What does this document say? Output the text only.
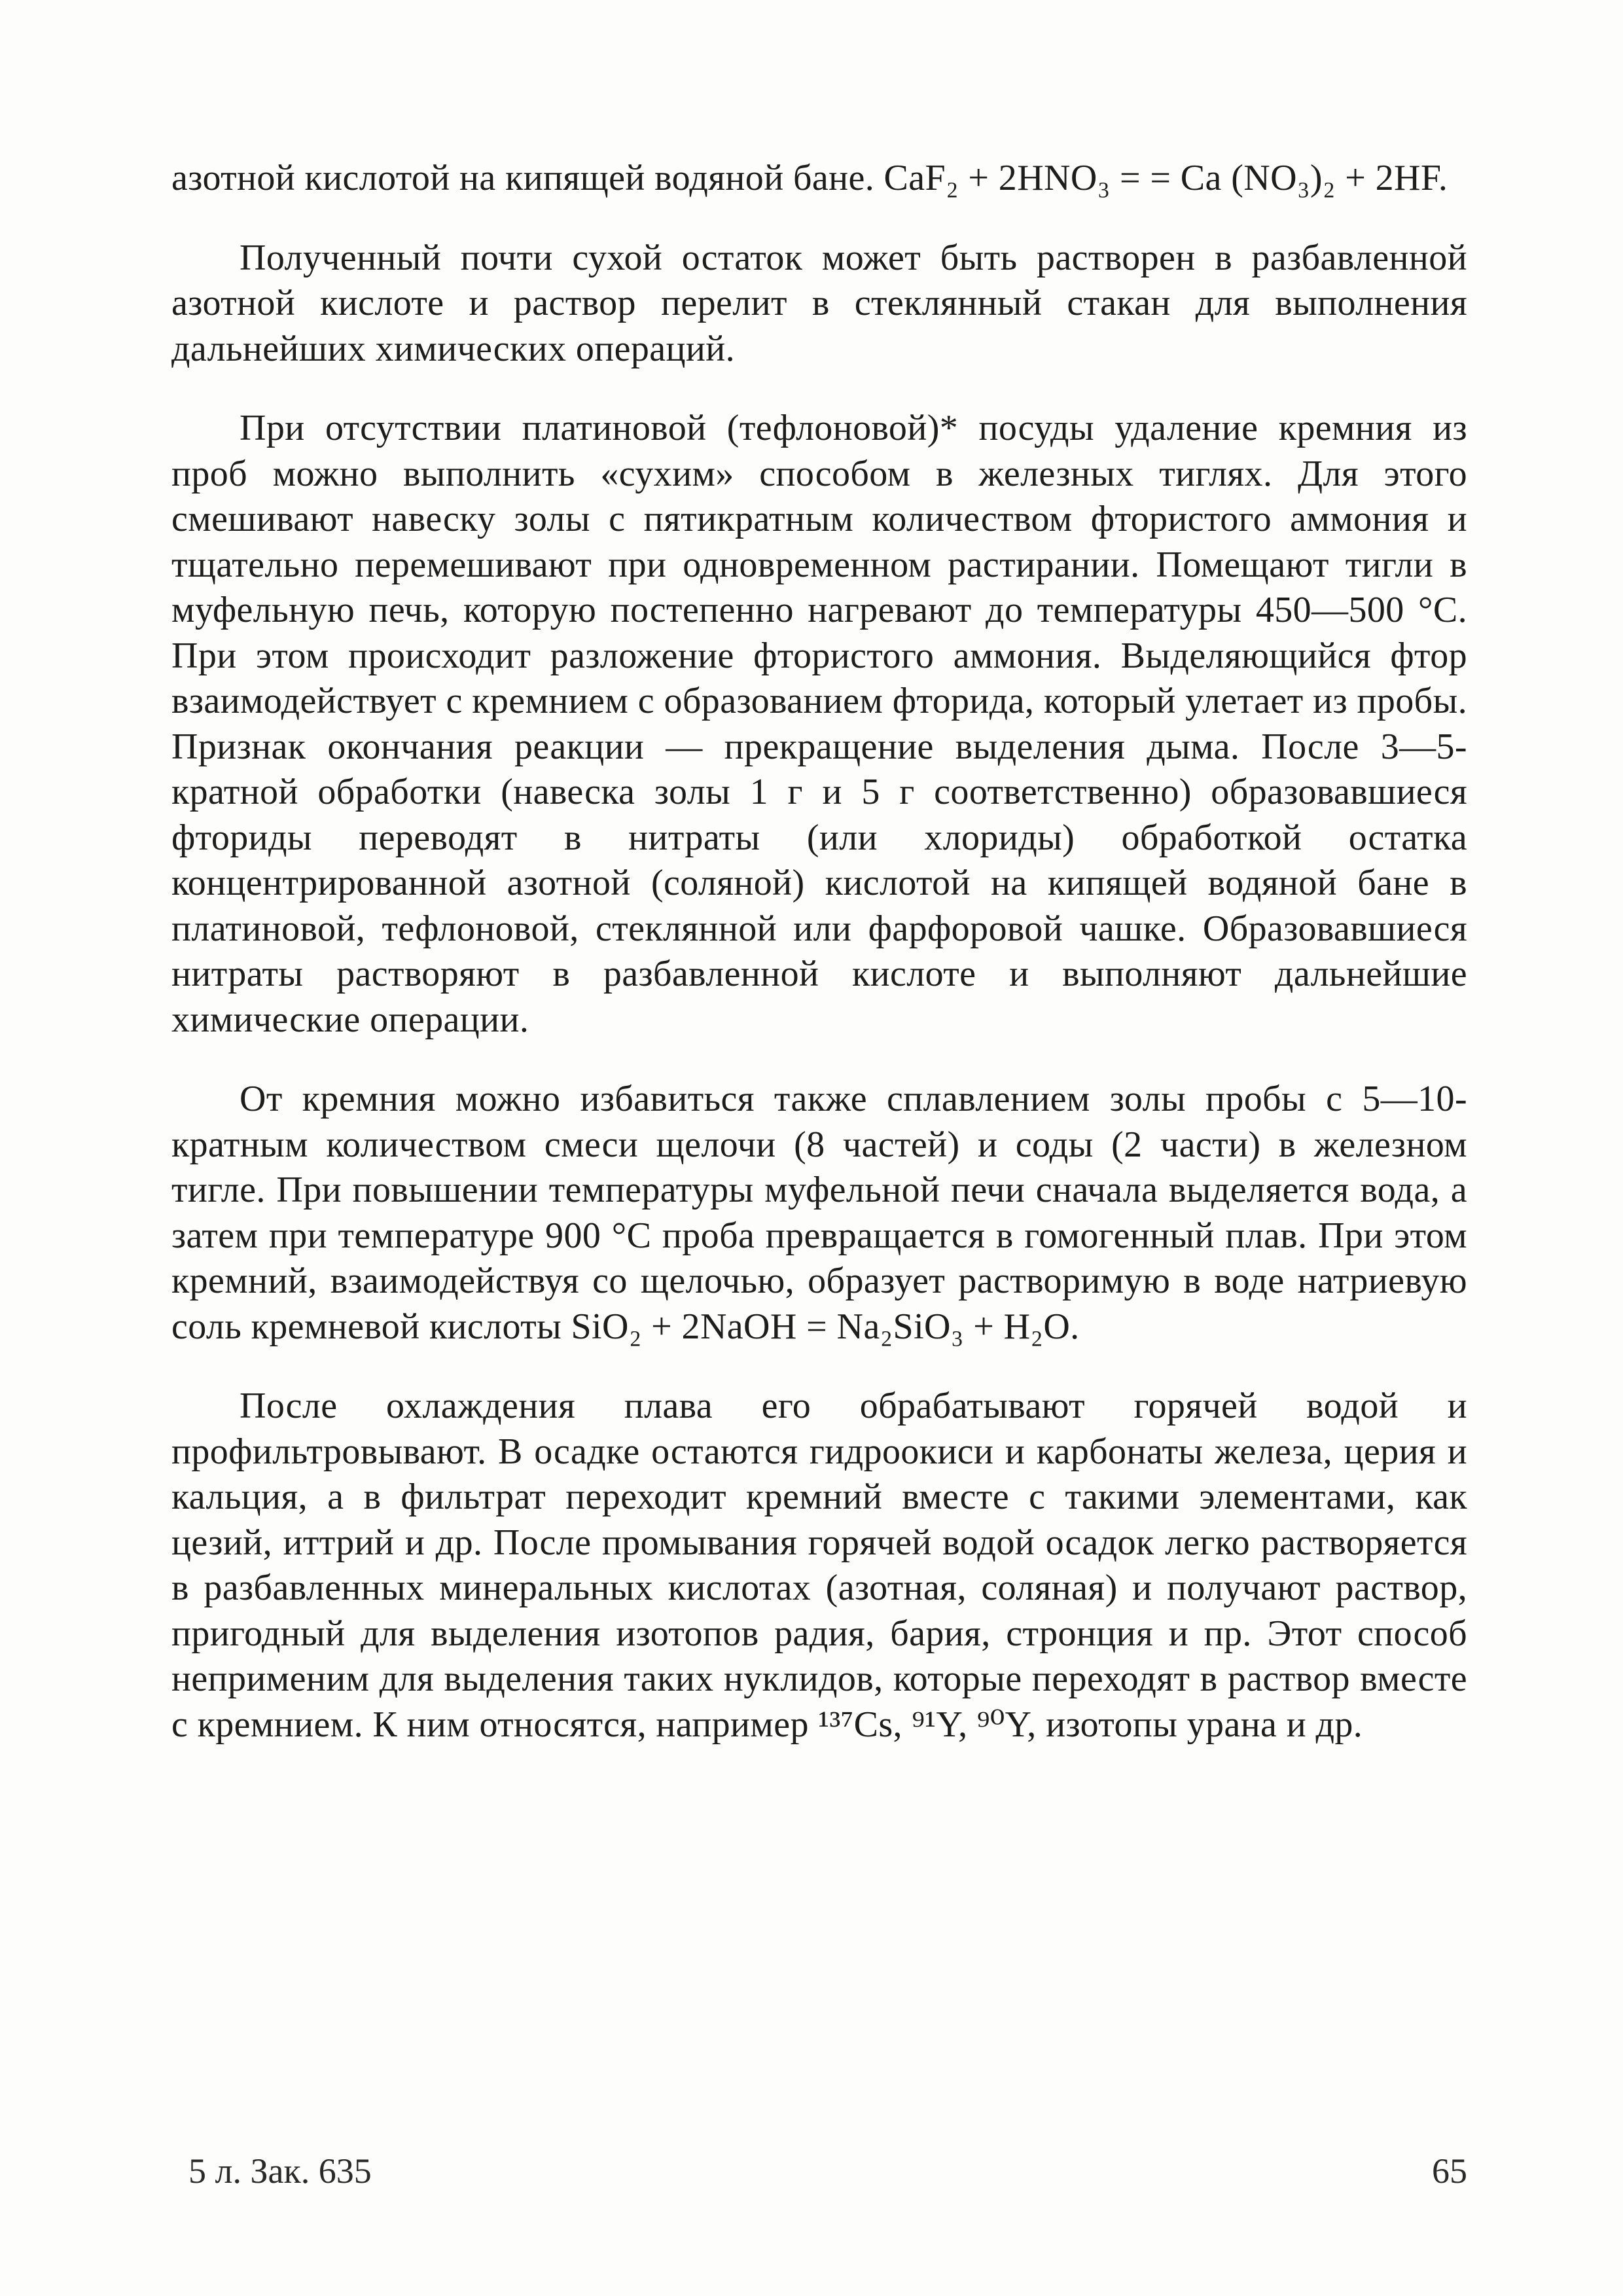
азотной кислотой на кипящей водяной бане. CaF₂ + 2HNO₃ = = Ca (NO₃)₂ + 2HF.

Полученный почти сухой остаток может быть растворен в разбавленной азотной кислоте и раствор перелит в стеклянный стакан для выполнения дальнейших химических операций.

При отсутствии платиновой (тефлоновой)* посуды удаление кремния из проб можно выполнить «сухим» способом в железных тиглях. Для этого смешивают навеску золы с пятикратным количеством фтористого аммония и тщательно перемешивают при одновременном растирании. Помещают тигли в муфельную печь, которую постепенно нагревают до температуры 450—500 °C. При этом происходит разложение фтористого аммония. Выделяющийся фтор взаимодействует с кремнием с образованием фторида, который улетает из пробы. Признак окончания реакции — прекращение выделения дыма. После 3—5-кратной обработки (навеска золы 1 г и 5 г соответственно) образовавшиеся фториды переводят в нитраты (или хлориды) обработкой остатка концентрированной азотной (соляной) кислотой на кипящей водяной бане в платиновой, тефлоновой, стеклянной или фарфоровой чашке. Образовавшиеся нитраты растворяют в разбавленной кислоте и выполняют дальнейшие химические операции.

От кремния можно избавиться также сплавлением золы пробы с 5—10-кратным количеством смеси щелочи (8 частей) и соды (2 части) в железном тигле. При повышении температуры муфельной печи сначала выделяется вода, а затем при температуре 900 °C проба превращается в гомогенный плав. При этом кремний, взаимодействуя со щелочью, образует растворимую в воде натриевую соль кремневой кислоты SiO₂ + 2NaOH = Na₂SiO₃ + H₂O.

После охлаждения плава его обрабатывают горячей водой и профильтровывают. В осадке остаются гидроокиси и карбонаты железа, церия и кальция, а в фильтрат переходит кремний вместе с такими элементами, как цезий, иттрий и др. После промывания горячей водой осадок легко растворяется в разбавленных минеральных кислотах (азотная, соляная) и получают раствор, пригодный для выделения изотопов радия, бария, стронция и пр. Этот способ неприменим для выделения таких нуклидов, которые переходят в раствор вместе с кремнием. К ним относятся, например ¹³⁷Cs, ⁹¹Y, ⁹⁰Y, изотопы урана и др.

5 л. Зак. 635	65
